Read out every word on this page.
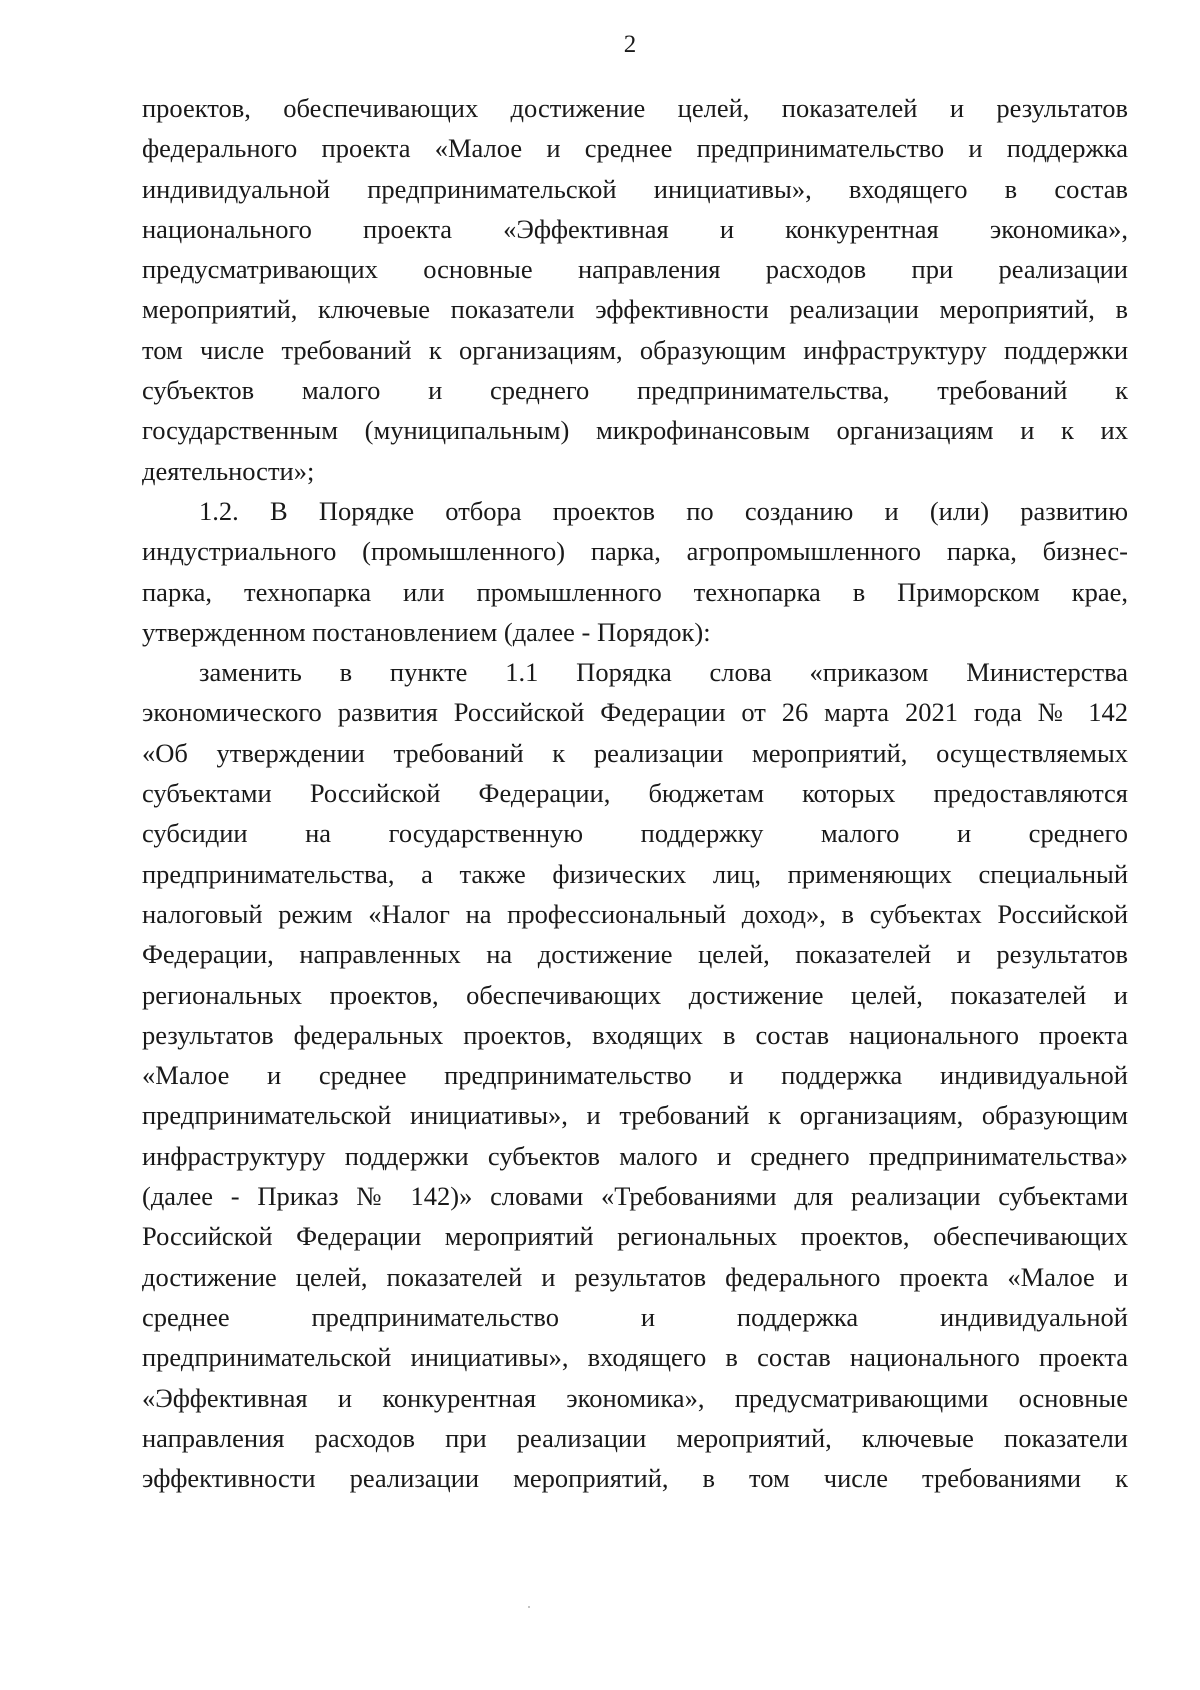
2
проектов, обеспечивающих достижение целей, показателей и результатов
федерального проекта «Малое и среднее предпринимательство и поддержка
индивидуальной предпринимательской инициативы», входящего в состав
национального проекта «Эффективная и конкурентная экономика»,
предусматривающих основные направления расходов при реализации
мероприятий, ключевые показатели эффективности реализации мероприятий, в
том числе требований к организациям, образующим инфраструктуру поддержки
субъектов малого и среднего предпринимательства, требований к
государственным (муниципальным) микрофинансовым организациям и к их
деятельности»;
1.2. В Порядке отбора проектов по созданию и (или) развитию
индустриального (промышленного) парка, агропромышленного парка, бизнес-
парка, технопарка или промышленного технопарка в Приморском крае,
утвержденном постановлением (далее - Порядок):
заменить в пункте 1.1 Порядка слова «приказом Министерства
экономического развития Российской Федерации от 26 марта 2021 года № 142
«Об утверждении требований к реализации мероприятий, осуществляемых
субъектами Российской Федерации, бюджетам которых предоставляются
субсидии на государственную поддержку малого и среднего
предпринимательства, а также физических лиц, применяющих специальный
налоговый режим «Налог на профессиональный доход», в субъектах Российской
Федерации, направленных на достижение целей, показателей и результатов
региональных проектов, обеспечивающих достижение целей, показателей и
результатов федеральных проектов, входящих в состав национального проекта
«Малое и среднее предпринимательство и поддержка индивидуальной
предпринимательской инициативы», и требований к организациям, образующим
инфраструктуру поддержки субъектов малого и среднего предпринимательства»
(далее - Приказ № 142)» словами «Требованиями для реализации субъектами
Российской Федерации мероприятий региональных проектов, обеспечивающих
достижение целей, показателей и результатов федерального проекта «Малое и
среднее предпринимательство и поддержка индивидуальной
предпринимательской инициативы», входящего в состав национального проекта
«Эффективная и конкурентная экономика», предусматривающими основные
направления расходов при реализации мероприятий, ключевые показатели
эффективности реализации мероприятий, в том числе требованиями к
